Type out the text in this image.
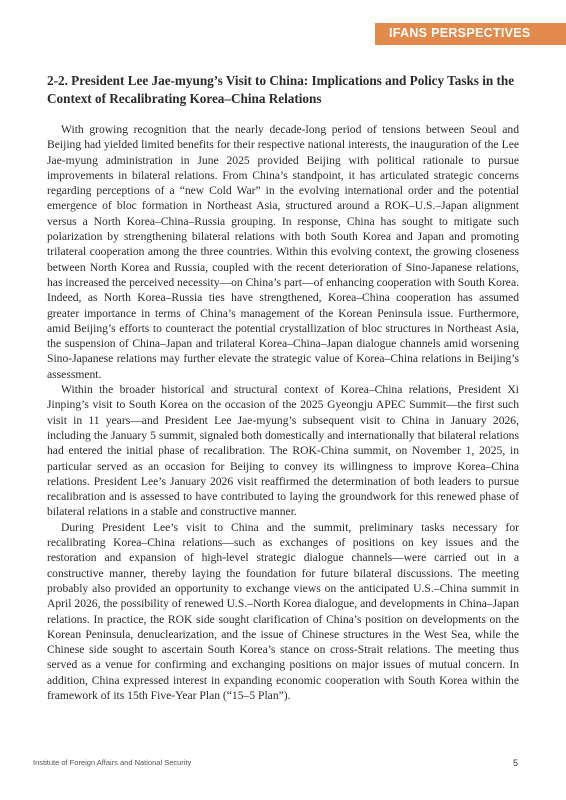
IFANS PERSPECTIVES
2-2. President Lee Jae-myung’s Visit to China: Implications and Policy Tasks in the Context of Recalibrating Korea–China Relations

With growing recognition that the nearly decade-long period of tensions between Seoul and Beijing had yielded limited benefits for their respective national interests, the inauguration of the Lee Jae-myung administration in June 2025 provided Beijing with political rationale to pursue improvements in bilateral relations. From China’s standpoint, it has articulated strategic concerns regarding perceptions of a “new Cold War” in the evolving international order and the potential emergence of bloc formation in Northeast Asia, structured around a ROK–U.S.–Japan alignment versus a North Korea–China–Russia grouping. In response, China has sought to mitigate such polarization by strengthening bilateral relations with both South Korea and Japan and promoting trilateral cooperation among the three countries. Within this evolving context, the growing closeness between North Korea and Russia, coupled with the recent deterioration of Sino-Japanese relations, has increased the perceived necessity—on China’s part—of enhancing cooperation with South Korea. Indeed, as North Korea–Russia ties have strengthened, Korea–China cooperation has assumed greater importance in terms of China’s management of the Korean Peninsula issue. Furthermore, amid Beijing’s efforts to counteract the potential crystallization of bloc structures in Northeast Asia, the suspension of China–Japan and trilateral Korea–China–Japan dialogue channels amid worsening Sino-Japanese relations may further elevate the strategic value of Korea–China relations in Beijing’s assessment.

Within the broader historical and structural context of Korea–China relations, President Xi Jinping’s visit to South Korea on the occasion of the 2025 Gyeongju APEC Summit—the first such visit in 11 years—and President Lee Jae-myung’s subsequent visit to China in January 2026, including the January 5 summit, signaled both domestically and internationally that bilateral relations had entered the initial phase of recalibration. The ROK-China summit, on November 1, 2025, in particular served as an occasion for Beijing to convey its willingness to improve Korea–China relations. President Lee’s January 2026 visit reaffirmed the determination of both leaders to pursue recalibration and is assessed to have contributed to laying the groundwork for this renewed phase of bilateral relations in a stable and constructive manner.

During President Lee’s visit to China and the summit, preliminary tasks necessary for recalibrating Korea–China relations—such as exchanges of positions on key issues and the restoration and expansion of high-level strategic dialogue channels—were carried out in a constructive manner, thereby laying the foundation for future bilateral discussions. The meeting probably also provided an opportunity to exchange views on the anticipated U.S.–China summit in April 2026, the possibility of renewed U.S.–North Korea dialogue, and developments in China–Japan relations. In practice, the ROK side sought clarification of China’s position on developments on the Korean Peninsula, denuclearization, and the issue of Chinese structures in the West Sea, while the Chinese side sought to ascertain South Korea’s stance on cross-Strait relations. The meeting thus served as a venue for confirming and exchanging positions on major issues of mutual concern. In addition, China expressed interest in expanding economic cooperation with South Korea within the framework of its 15th Five-Year Plan (“15–5 Plan”).

Institute of Foreign Affairs and National Security	5
